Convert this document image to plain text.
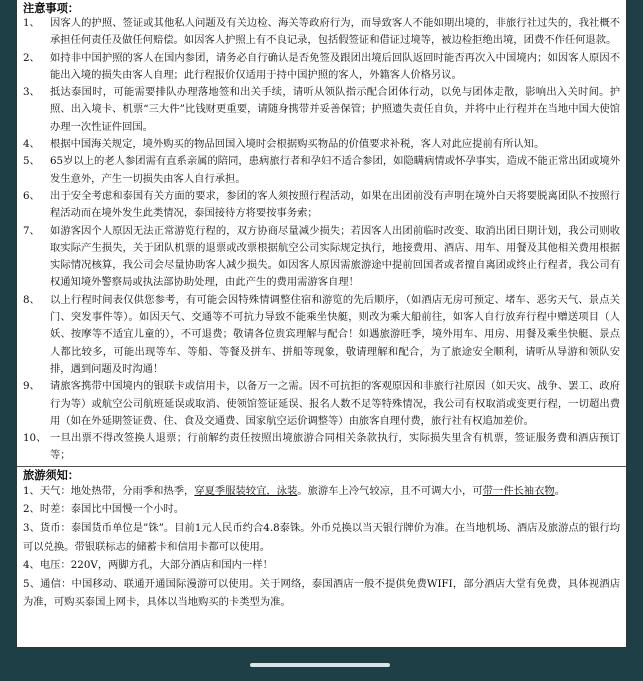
注意事项：
1、 因客人的护照、签证或其他私人问题及有关边检、海关等政府行为，而导致客人不能如期出境的，非旅行社过失的，我社概不承担任何责任及做任何赔偿。如因客人护照上有不良记录，包括假签证和借证过境等，被边检拒绝出境，团费不作任何退款。
2、 如持非中国护照的客人在国内参团，请务必自行确认是否免签及跟团出境后回队返回时能否再次入中国境内；如因客人原因不能出入境的损失由客人自理；此行程报价仅适用于持中国护照的客人，外籍客人价格另议。
3、 抵达泰国时，可能需要排队办理落地签和出关手续，请听从领队指示配合团体行动，以免与团体走散，影响出入关时间。护照、出入境卡、机票“三大件”比钱财更重要，请随身携带并妥善保管；护照遗失责任自负，并将中止行程并在当地中国大使馆办理一次性证件回国。
4、 根据中国海关规定，境外购买的物品回国入境时会根据购买物品的价值要求补税，客人对此应提前有所认知。
5、 65岁以上的老人参团需有直系亲属的陪同，患病旅行者和孕妇不适合参团，如隐瞒病情或怀孕事实，造成不能正常出团或境外发生意外，产生一切损失由客人自行承担。
6、 出于安全考虑和泰国有关方面的要求，参团的客人须按照行程活动，如果在出团前没有声明在境外白天将要脱离团队不按照行程活动而在境外发生此类情况，泰国接待方将要按事务索；
7、 如游客因个人原因无法正常游览行程的，双方协商尽量减少损失；若因客人出团前临时改变、取消出团日期计划，我公司则收取实际产生损失，关于团队机票的退票或改票根据航空公司实际规定执行，地接费用、酒店、用车、用餐及其他相关费用根据实际情况核算，我公司会尽量协助客人减少损失。如因客人原因需旅游途中提前回国者或者擅自离团或终止行程者，我公司有权通知境外警察局或执法部协助处理，由此产生的费用需游客自理！
8、 以上行程时间表仅供您参考，有可能会因特殊情调整住宿和游览的先后顺序，（如酒店无房可预定、堵车、恶劣天气、景点关门、突发事件等）。如因天气、交通等不可抗力导致不能乘坐快艇，则改为乘大船前往，如客人自行放弃行程中赠送项目（人妖、按摩等不适宜儿童的），不可退费；敬请各位贵宾理解与配合！如遇旅游旺季，境外用车、用房、用餐及乘坐快艇、景点人都比较多，可能出现等车、等船、等餐及拼车、拼船等现象，敬请理解和配合，为了旅途安全顺利，请听从导游和领队安排，遇到问题及时沟通！
9、 请旅客携带中国境内的银联卡或信用卡，以备万一之需。因不可抗拒的客观原因和非旅行社原因（如天灾、战争、罢工、政府行为等）或航空公司航班延误或取消、使领馆签证延误、报名人数不足等特殊情况，我公司有权取消或变更行程，一切超出费用（如在外延期签证费、住、食及交通费、国家航空运价调整等）由旅客自理付费，旅行社有权追加差价。
10、 一旦出票不得改签换人退票；行前解约责任按照出境旅游合同相关条款执行，实际损失里含有机票，签证服务费和酒店预订等；
旅游须知：
1、天气：地处热带，分雨季和热季，穿夏季服装较宜，泳装。旅游车上冷气较凉，且不可调大小，可带一件长袖衣物。
2、时差：泰国比中国慢一个小时。
3、货币：泰国货币单位是”铢”。目前1元人民币约合4.8泰铢。外币兑换以当天银行牌价为准。在当地机场、酒店及旅游点的银行均可以兑换。带银联标志的储蓄卡和信用卡都可以使用。
4、电压：220V，两脚方孔，大部分酒店和国内一样！
5、通信：中国移动、联通开通国际漫游可以使用。关于网络，泰国酒店一般不提供免费WIFI，部分酒店大堂有免费，具体视酒店为准，可购买泰国上网卡，具体以当地购买的卡类型为准。
